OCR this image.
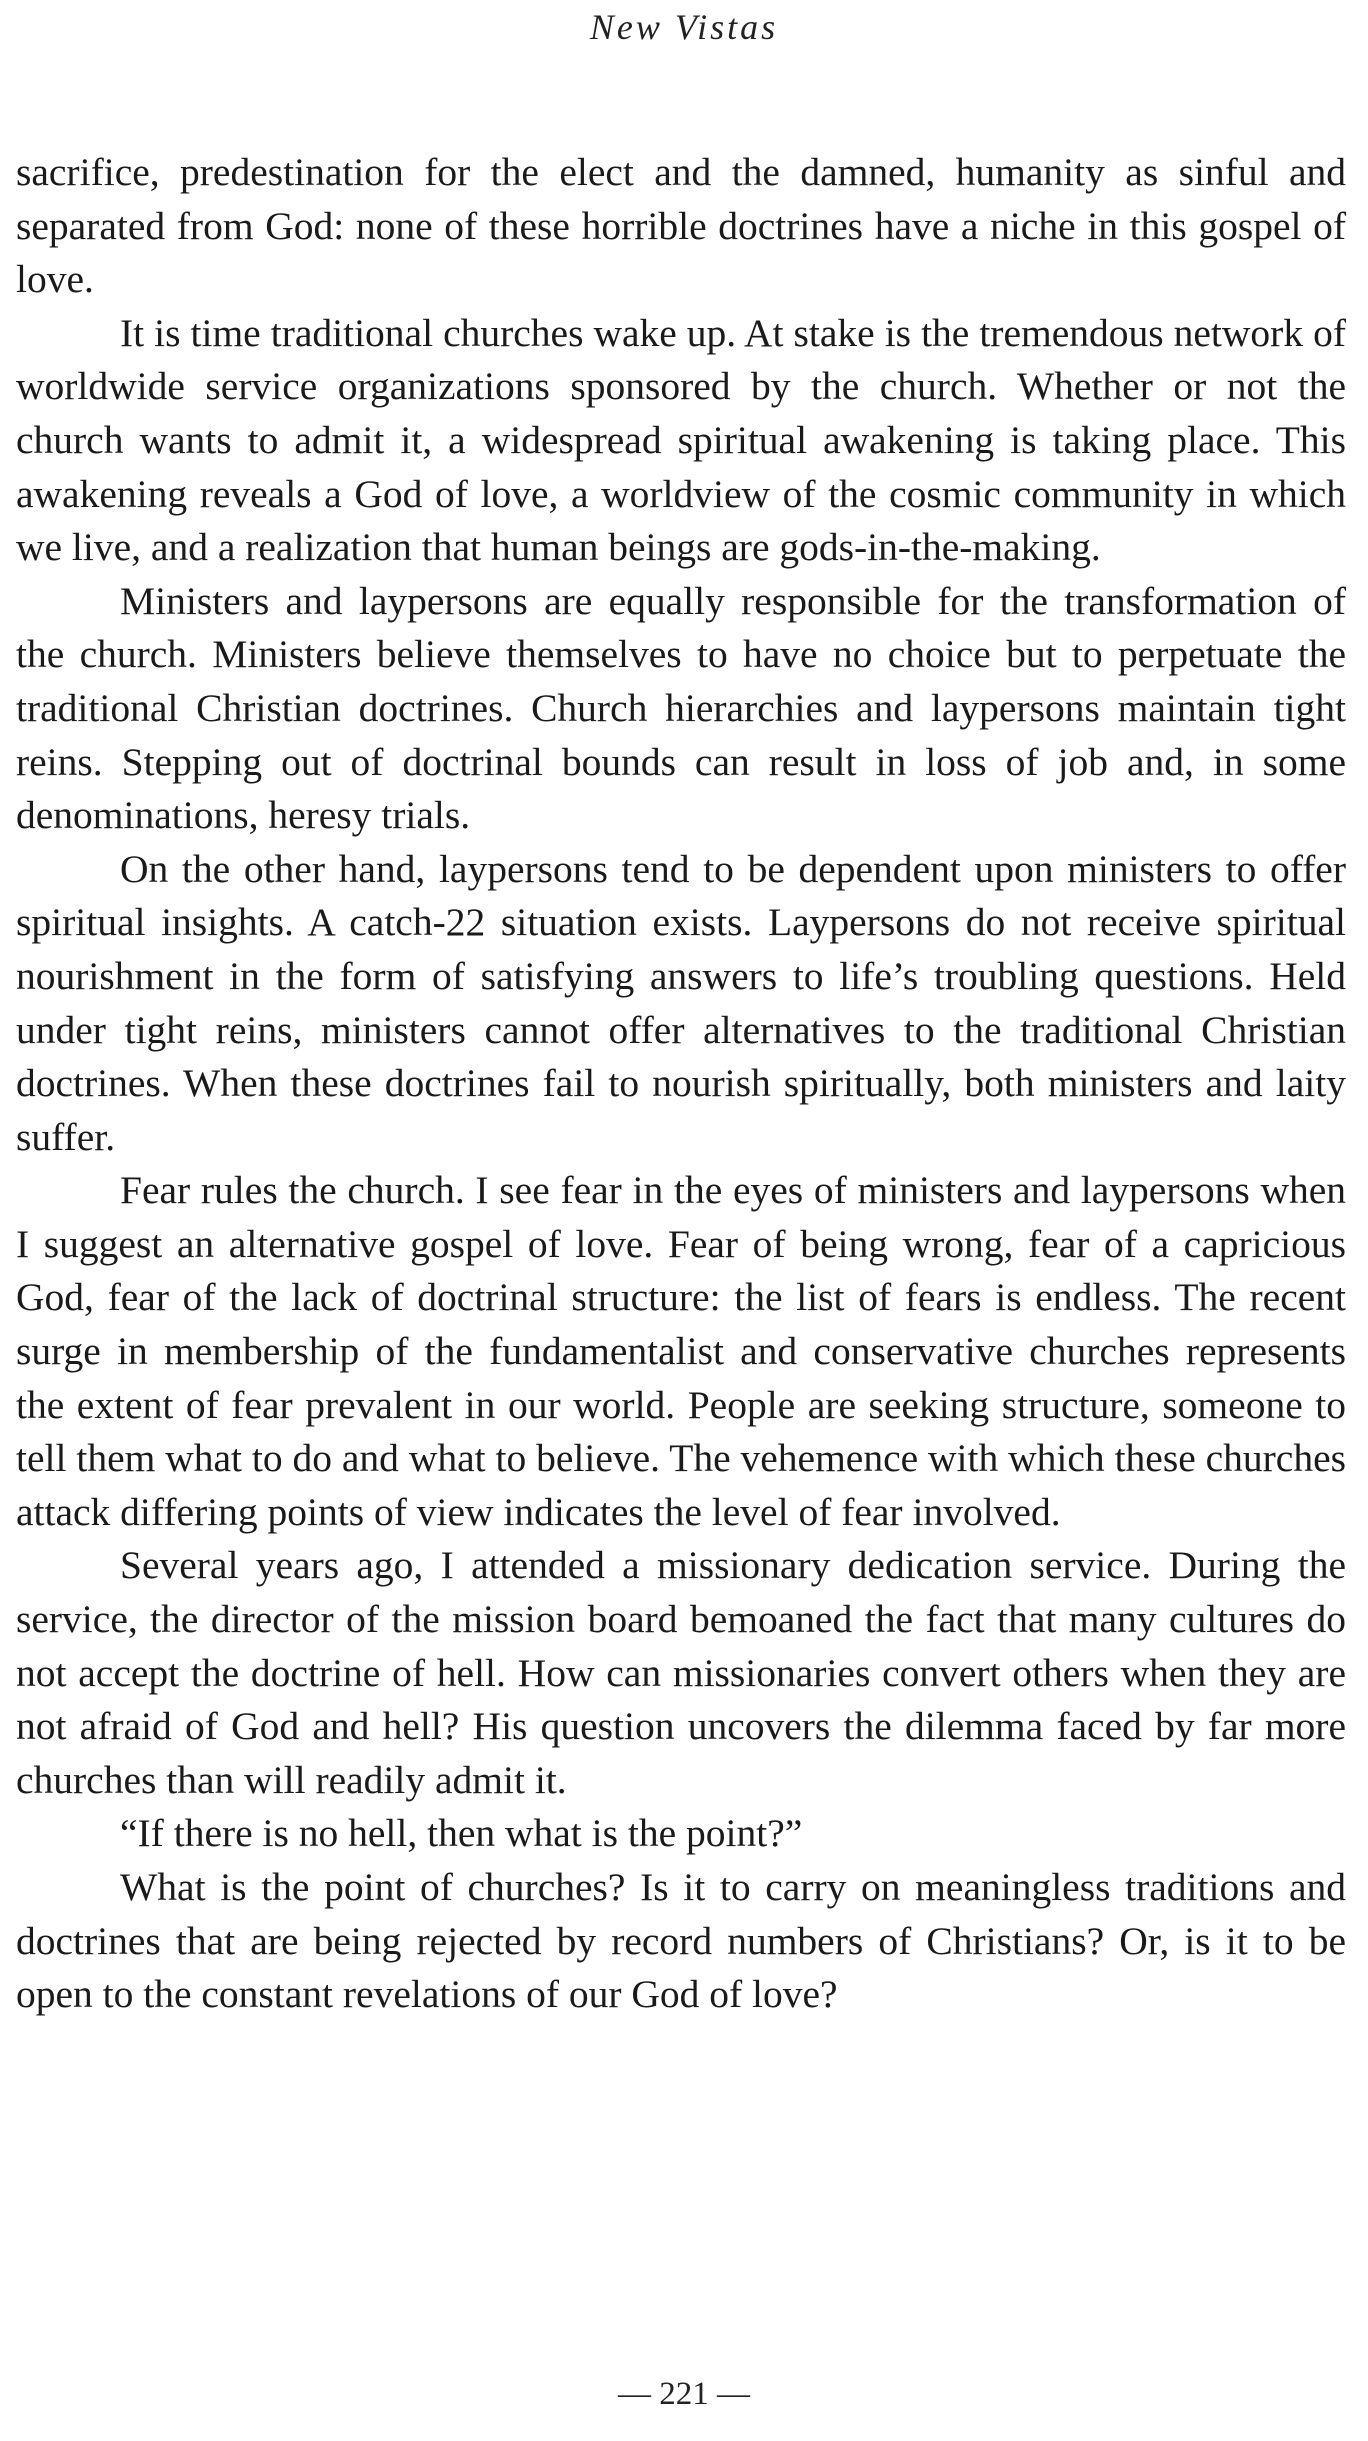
New Vistas

sacrifice, predestination for the elect and the damned, humanity as sinful and separated from God: none of these horrible doctrines have a niche in this gospel of love.

It is time traditional churches wake up. At stake is the tremendous network of worldwide service organizations sponsored by the church. Whether or not the church wants to admit it, a widespread spiritual awakening is taking place. This awakening reveals a God of love, a worldview of the cosmic community in which we live, and a realization that human beings are gods-in-the-making.

Ministers and laypersons are equally responsible for the transformation of the church. Ministers believe themselves to have no choice but to perpetuate the traditional Christian doctrines. Church hierarchies and laypersons maintain tight reins. Stepping out of doctrinal bounds can result in loss of job and, in some denominations, heresy trials.

On the other hand, laypersons tend to be dependent upon ministers to offer spiritual insights. A catch-22 situation exists. Laypersons do not receive spiritual nourishment in the form of satisfying answers to life’s troubling questions. Held under tight reins, ministers cannot offer alternatives to the traditional Christian doctrines. When these doctrines fail to nourish spiritually, both ministers and laity suffer.

Fear rules the church. I see fear in the eyes of ministers and laypersons when I suggest an alternative gospel of love. Fear of being wrong, fear of a capricious God, fear of the lack of doctrinal structure: the list of fears is endless. The recent surge in membership of the fundamentalist and conservative churches represents the extent of fear prevalent in our world. People are seeking structure, someone to tell them what to do and what to believe. The vehemence with which these churches attack differing points of view indicates the level of fear involved.

Several years ago, I attended a missionary dedication service. During the service, the director of the mission board bemoaned the fact that many cultures do not accept the doctrine of hell. How can missionaries convert others when they are not afraid of God and hell? His question uncovers the dilemma faced by far more churches than will readily admit it.

“If there is no hell, then what is the point?”

What is the point of churches? Is it to carry on meaningless traditions and doctrines that are being rejected by record numbers of Christians? Or, is it to be open to the constant revelations of our God of love?

— 221 —
